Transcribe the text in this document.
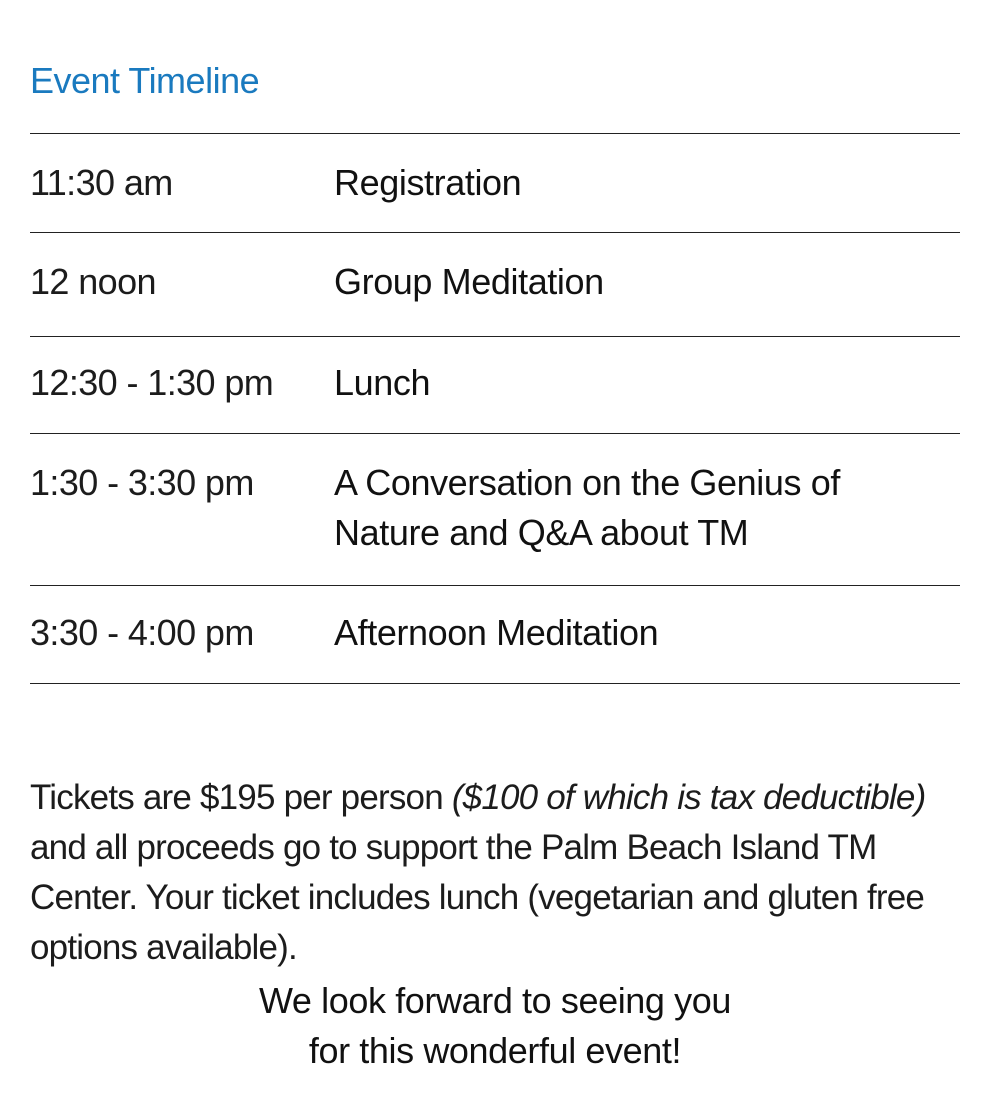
Event Timeline
11:30 am	Registration
12 noon	Group Meditation
12:30 - 1:30 pm Lunch
1:30 - 3:30 pm A Conversation on the Genius of
Nature and Q&A about TM
3:30 - 4:00 pm Afternoon Meditation

Tickets are $195 per person ($100 of which is tax deductible) and all proceeds go to support the Palm Beach Island TM Center. Your ticket includes lunch (vegetarian and gluten free options available).

We look forward to seeing you
for this wonderful event!
